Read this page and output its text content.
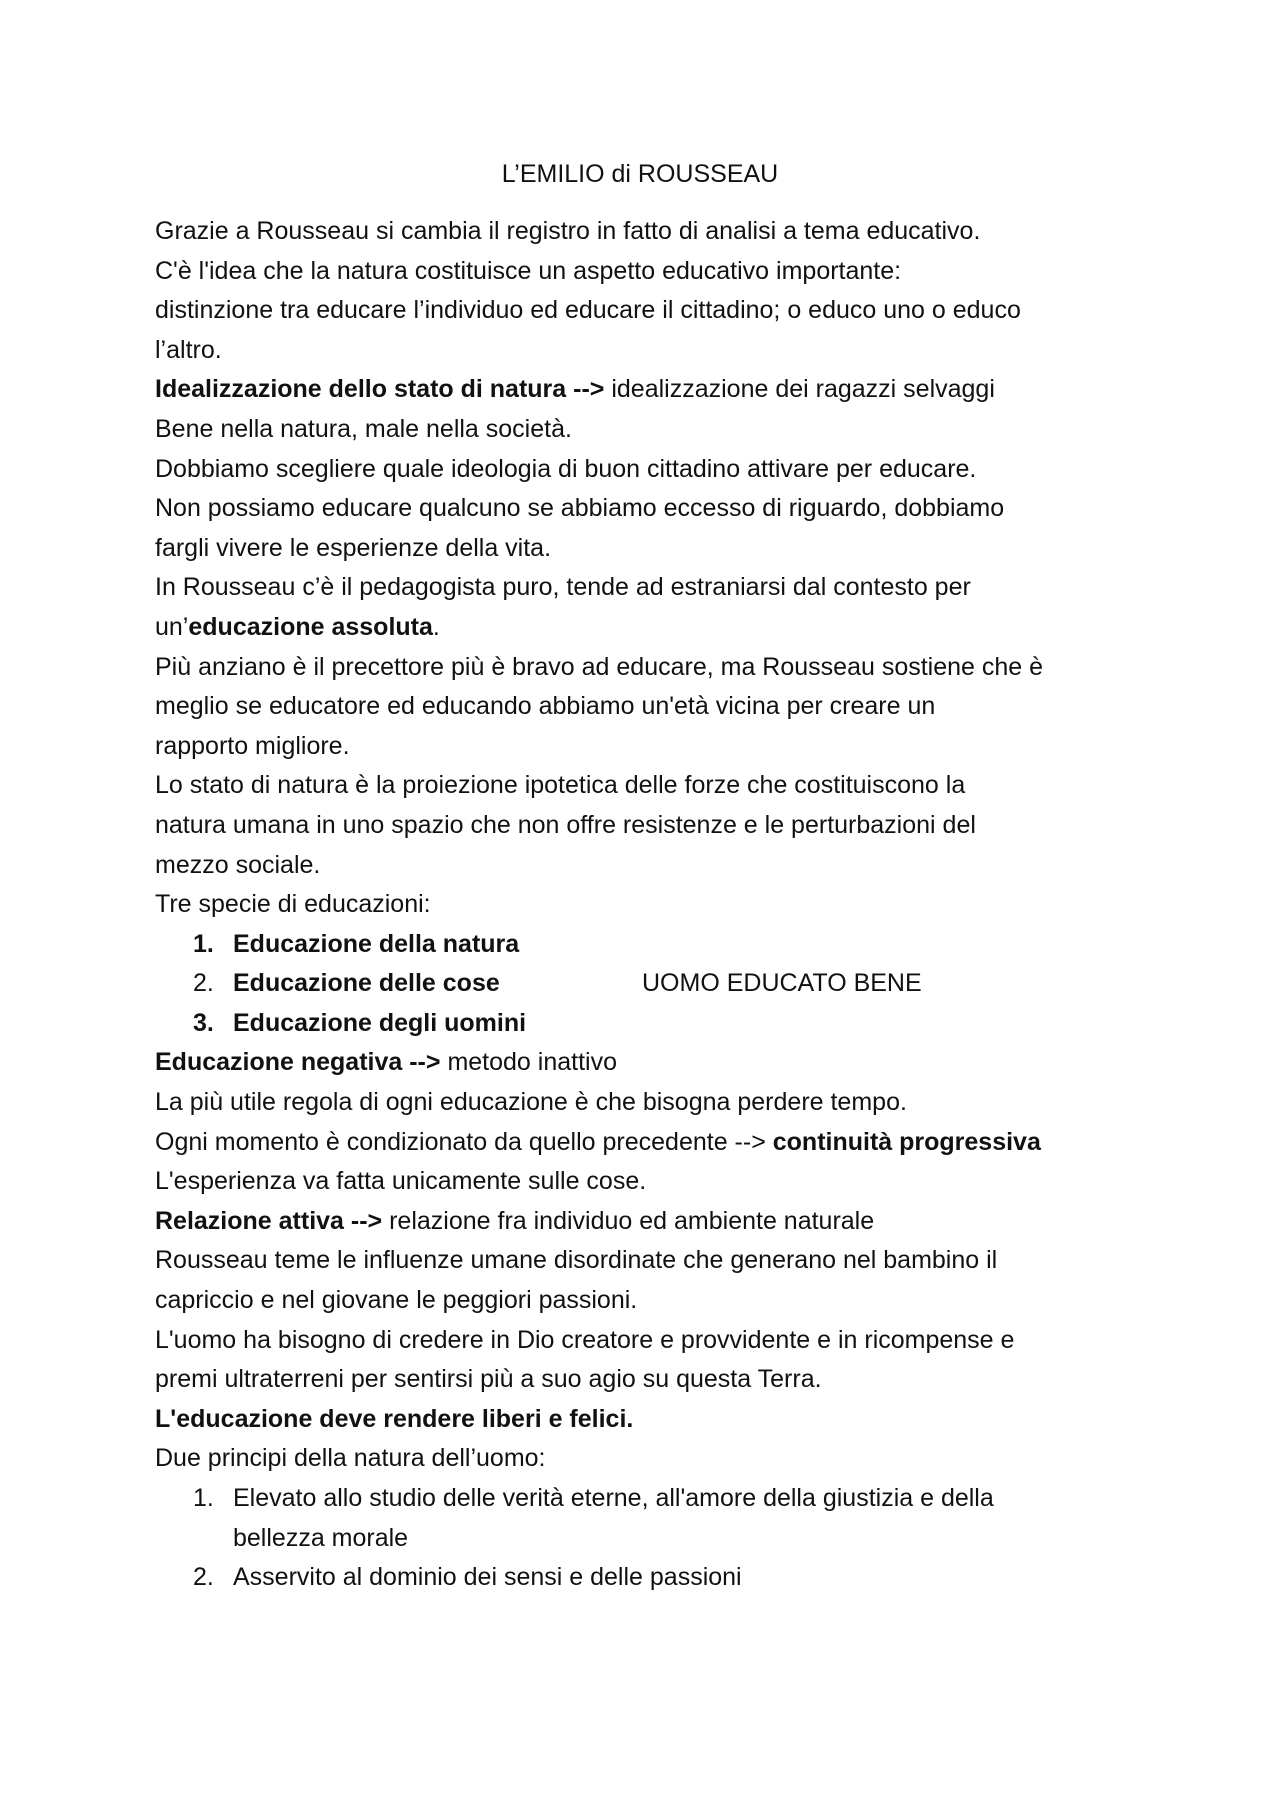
L’EMILIO di ROUSSEAU
Grazie a Rousseau si cambia il registro in fatto di analisi a tema educativo.
C'è l'idea che la natura costituisce un aspetto educativo importante:
distinzione tra educare l’individuo ed educare il cittadino; o educo uno o educo
l’altro.
Idealizzazione dello stato di natura --> idealizzazione dei ragazzi selvaggi
Bene nella natura, male nella società.
Dobbiamo scegliere quale ideologia di buon cittadino attivare per educare.
Non possiamo educare qualcuno se abbiamo eccesso di riguardo, dobbiamo
fargli vivere le esperienze della vita.
In Rousseau c’è il pedagogista puro, tende ad estraniarsi dal contesto per
un’educazione assoluta.
Più anziano è il precettore più è bravo ad educare, ma Rousseau sostiene che è
meglio se educatore ed educando abbiamo un'età vicina per creare un
rapporto migliore.
Lo stato di natura è la proiezione ipotetica delle forze che costituiscono la
natura umana in uno spazio che non offre resistenze e le perturbazioni del
mezzo sociale.
Tre specie di educazioni:
1. Educazione della natura
2. Educazione delle cose	UOMO EDUCATO BENE
3. Educazione degli uomini
Educazione negativa --> metodo inattivo
La più utile regola di ogni educazione è che bisogna perdere tempo.
Ogni momento è condizionato da quello precedente --> continuità progressiva
L'esperienza va fatta unicamente sulle cose.
Relazione attiva --> relazione fra individuo ed ambiente naturale
Rousseau teme le influenze umane disordinate che generano nel bambino il
capriccio e nel giovane le peggiori passioni.
L'uomo ha bisogno di credere in Dio creatore e provvidente e in ricompense e
premi ultraterreni per sentirsi più a suo agio su questa Terra.
L'educazione deve rendere liberi e felici.
Due principi della natura dell’uomo:
1. Elevato allo studio delle verità eterne, all'amore della giustizia e della
bellezza morale
2. Asservito al dominio dei sensi e delle passioni
